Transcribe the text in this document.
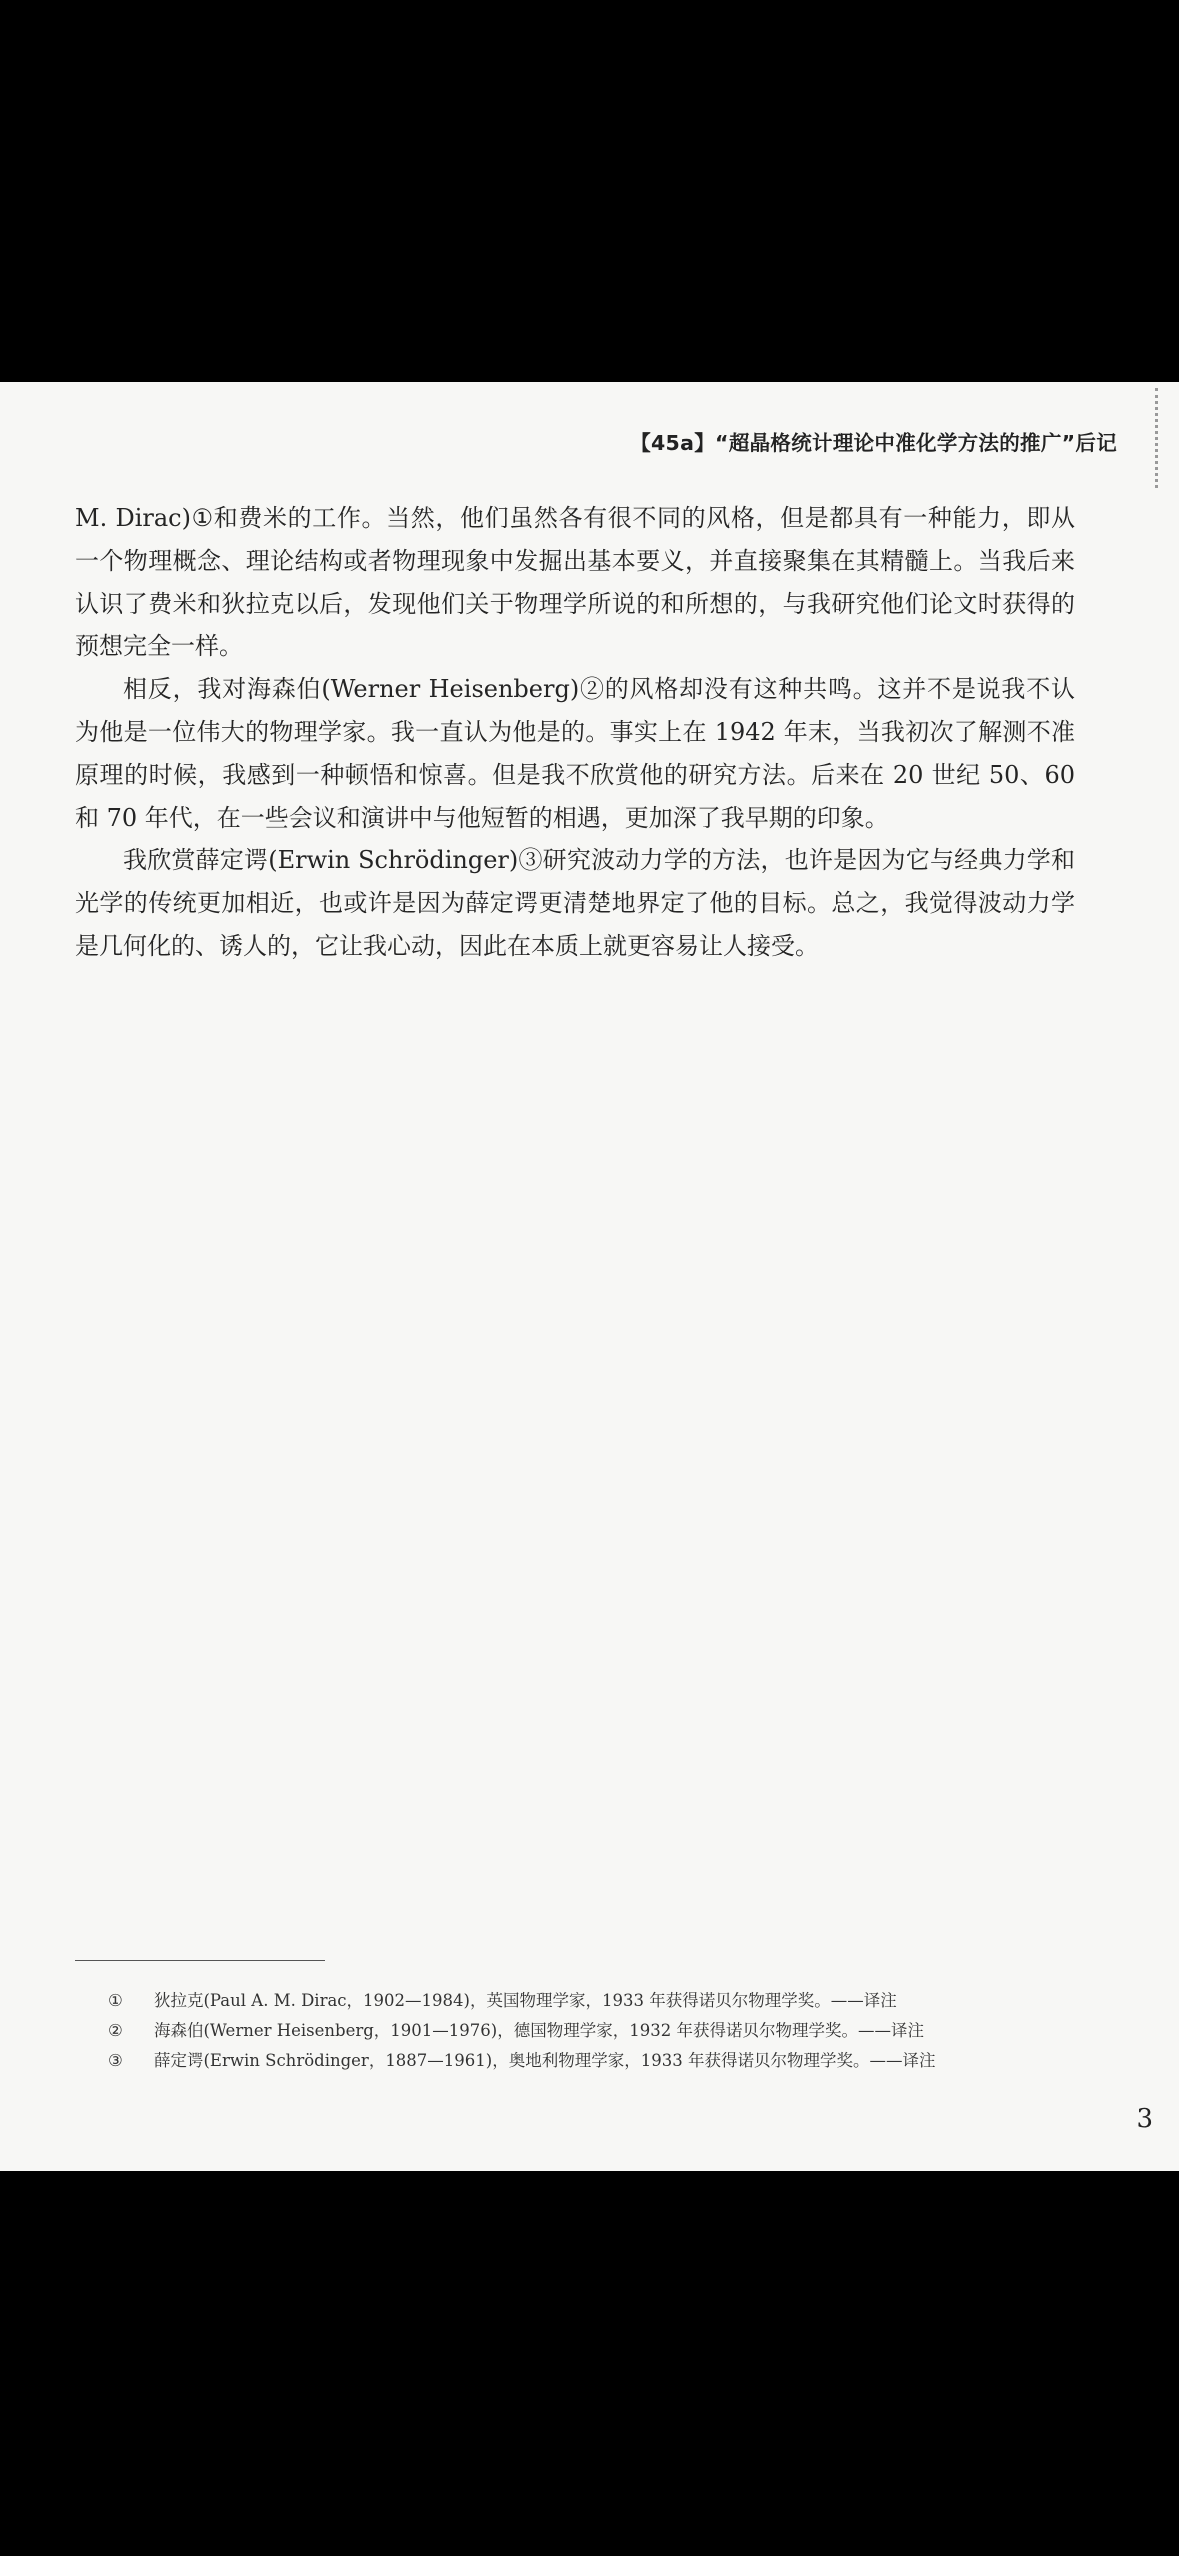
【45a】“超晶格统计理论中准化学方法的推广”后记

M. Dirac)①和费米的工作。当然，他们虽然各有很不同的风格，但是都具有一种能力，即从一个物理概念、理论结构或者物理现象中发掘出基本要义，并直接聚集在其精髓上。当我后来认识了费米和狄拉克以后，发现他们关于物理学所说的和所想的，与我研究他们论文时获得的预想完全一样。

相反，我对海森伯(Werner Heisenberg)②的风格却没有这种共鸣。这并不是说我不认为他是一位伟大的物理学家。我一直认为他是的。事实上在 1942 年末，当我初次了解测不准原理的时候，我感到一种顿悟和惊喜。但是我不欣赏他的研究方法。后来在 20 世纪 50、60 和 70 年代，在一些会议和演讲中与他短暂的相遇，更加深了我早期的印象。

我欣赏薛定谔(Erwin Schrödinger)③研究波动力学的方法，也许是因为它与经典力学和光学的传统更加相近，也或许是因为薛定谔更清楚地界定了他的目标。总之，我觉得波动力学是几何化的、诱人的，它让我心动，因此在本质上就更容易让人接受。

①	狄拉克(Paul A. M. Dirac，1902—1984)，英国物理学家，1933 年获得诺贝尔物理学奖。——译注
②	海森伯(Werner Heisenberg，1901—1976)，德国物理学家，1932 年获得诺贝尔物理学奖。——译注
③	薛定谔(Erwin Schrödinger，1887—1961)，奥地利物理学家，1933 年获得诺贝尔物理学奖。——译注
3
